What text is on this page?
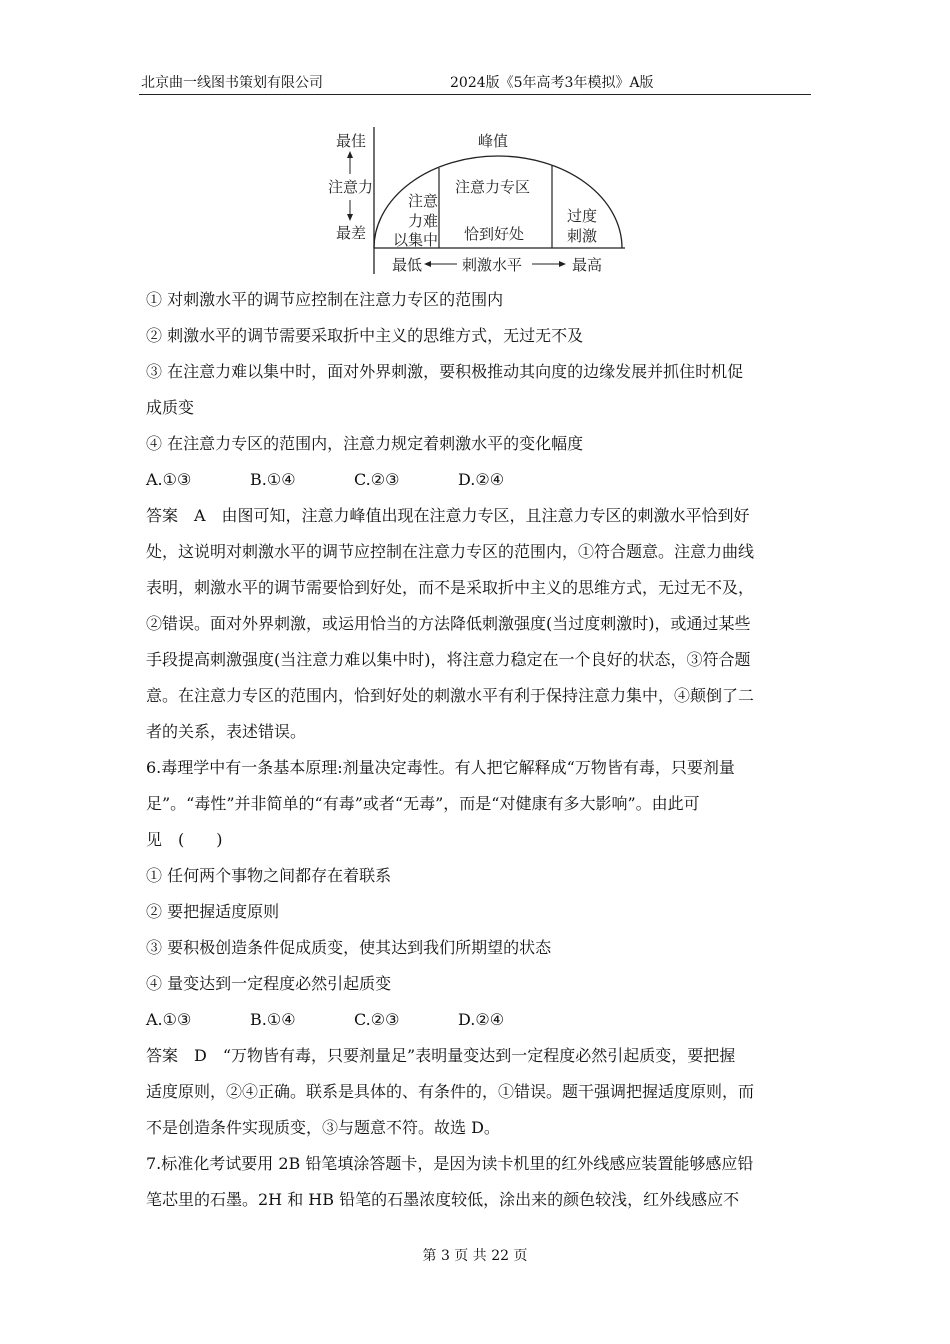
北京曲一线图书策划有限公司	2024版《5年高考3年模拟》A版
最佳
注意力
最差
峰值
注意
力难
以集中
注意力专区
恰到好处
过度
刺激
最低	刺激水平	最高
① 对刺激水平的调节应控制在注意力专区的范围内
② 刺激水平的调节需要采取折中主义的思维方式，无过无不及
③ 在注意力难以集中时，面对外界刺激，要积极推动其向度的边缘发展并抓住时机促
成质变
④ 在注意力专区的范围内，注意力规定着刺激水平的变化幅度
A.①③	B.①④	C.②③	D.②④
答案　A　由图可知，注意力峰值出现在注意力专区，且注意力专区的刺激水平恰到好
处，这说明对刺激水平的调节应控制在注意力专区的范围内，①符合题意。注意力曲线
表明，刺激水平的调节需要恰到好处，而不是采取折中主义的思维方式，无过无不及，
②错误。面对外界刺激，或运用恰当的方法降低刺激强度(当过度刺激时)，或通过某些
手段提高刺激强度(当注意力难以集中时)，将注意力稳定在一个良好的状态，③符合题
意。在注意力专区的范围内，恰到好处的刺激水平有利于保持注意力集中，④颠倒了二
者的关系，表述错误。
6.毒理学中有一条基本原理:剂量决定毒性。有人把它解释成“万物皆有毒，只要剂量
足”。“毒性”并非简单的“有毒”或者“无毒”，而是“对健康有多大影响”。由此可
见　(　　)
① 任何两个事物之间都存在着联系
② 要把握适度原则
③ 要积极创造条件促成质变，使其达到我们所期望的状态
④ 量变达到一定程度必然引起质变
A.①③	B.①④	C.②③	D.②④
答案　D　“万物皆有毒，只要剂量足”表明量变达到一定程度必然引起质变，要把握
适度原则，②④正确。联系是具体的、有条件的，①错误。题干强调把握适度原则，而
不是创造条件实现质变，③与题意不符。故选 D。
7.标准化考试要用 2B 铅笔填涂答题卡，是因为读卡机里的红外线感应装置能够感应铅
笔芯里的石墨。2H 和 HB 铅笔的石墨浓度较低，涂出来的颜色较浅，红外线感应不
第 3 页 共 22 页
